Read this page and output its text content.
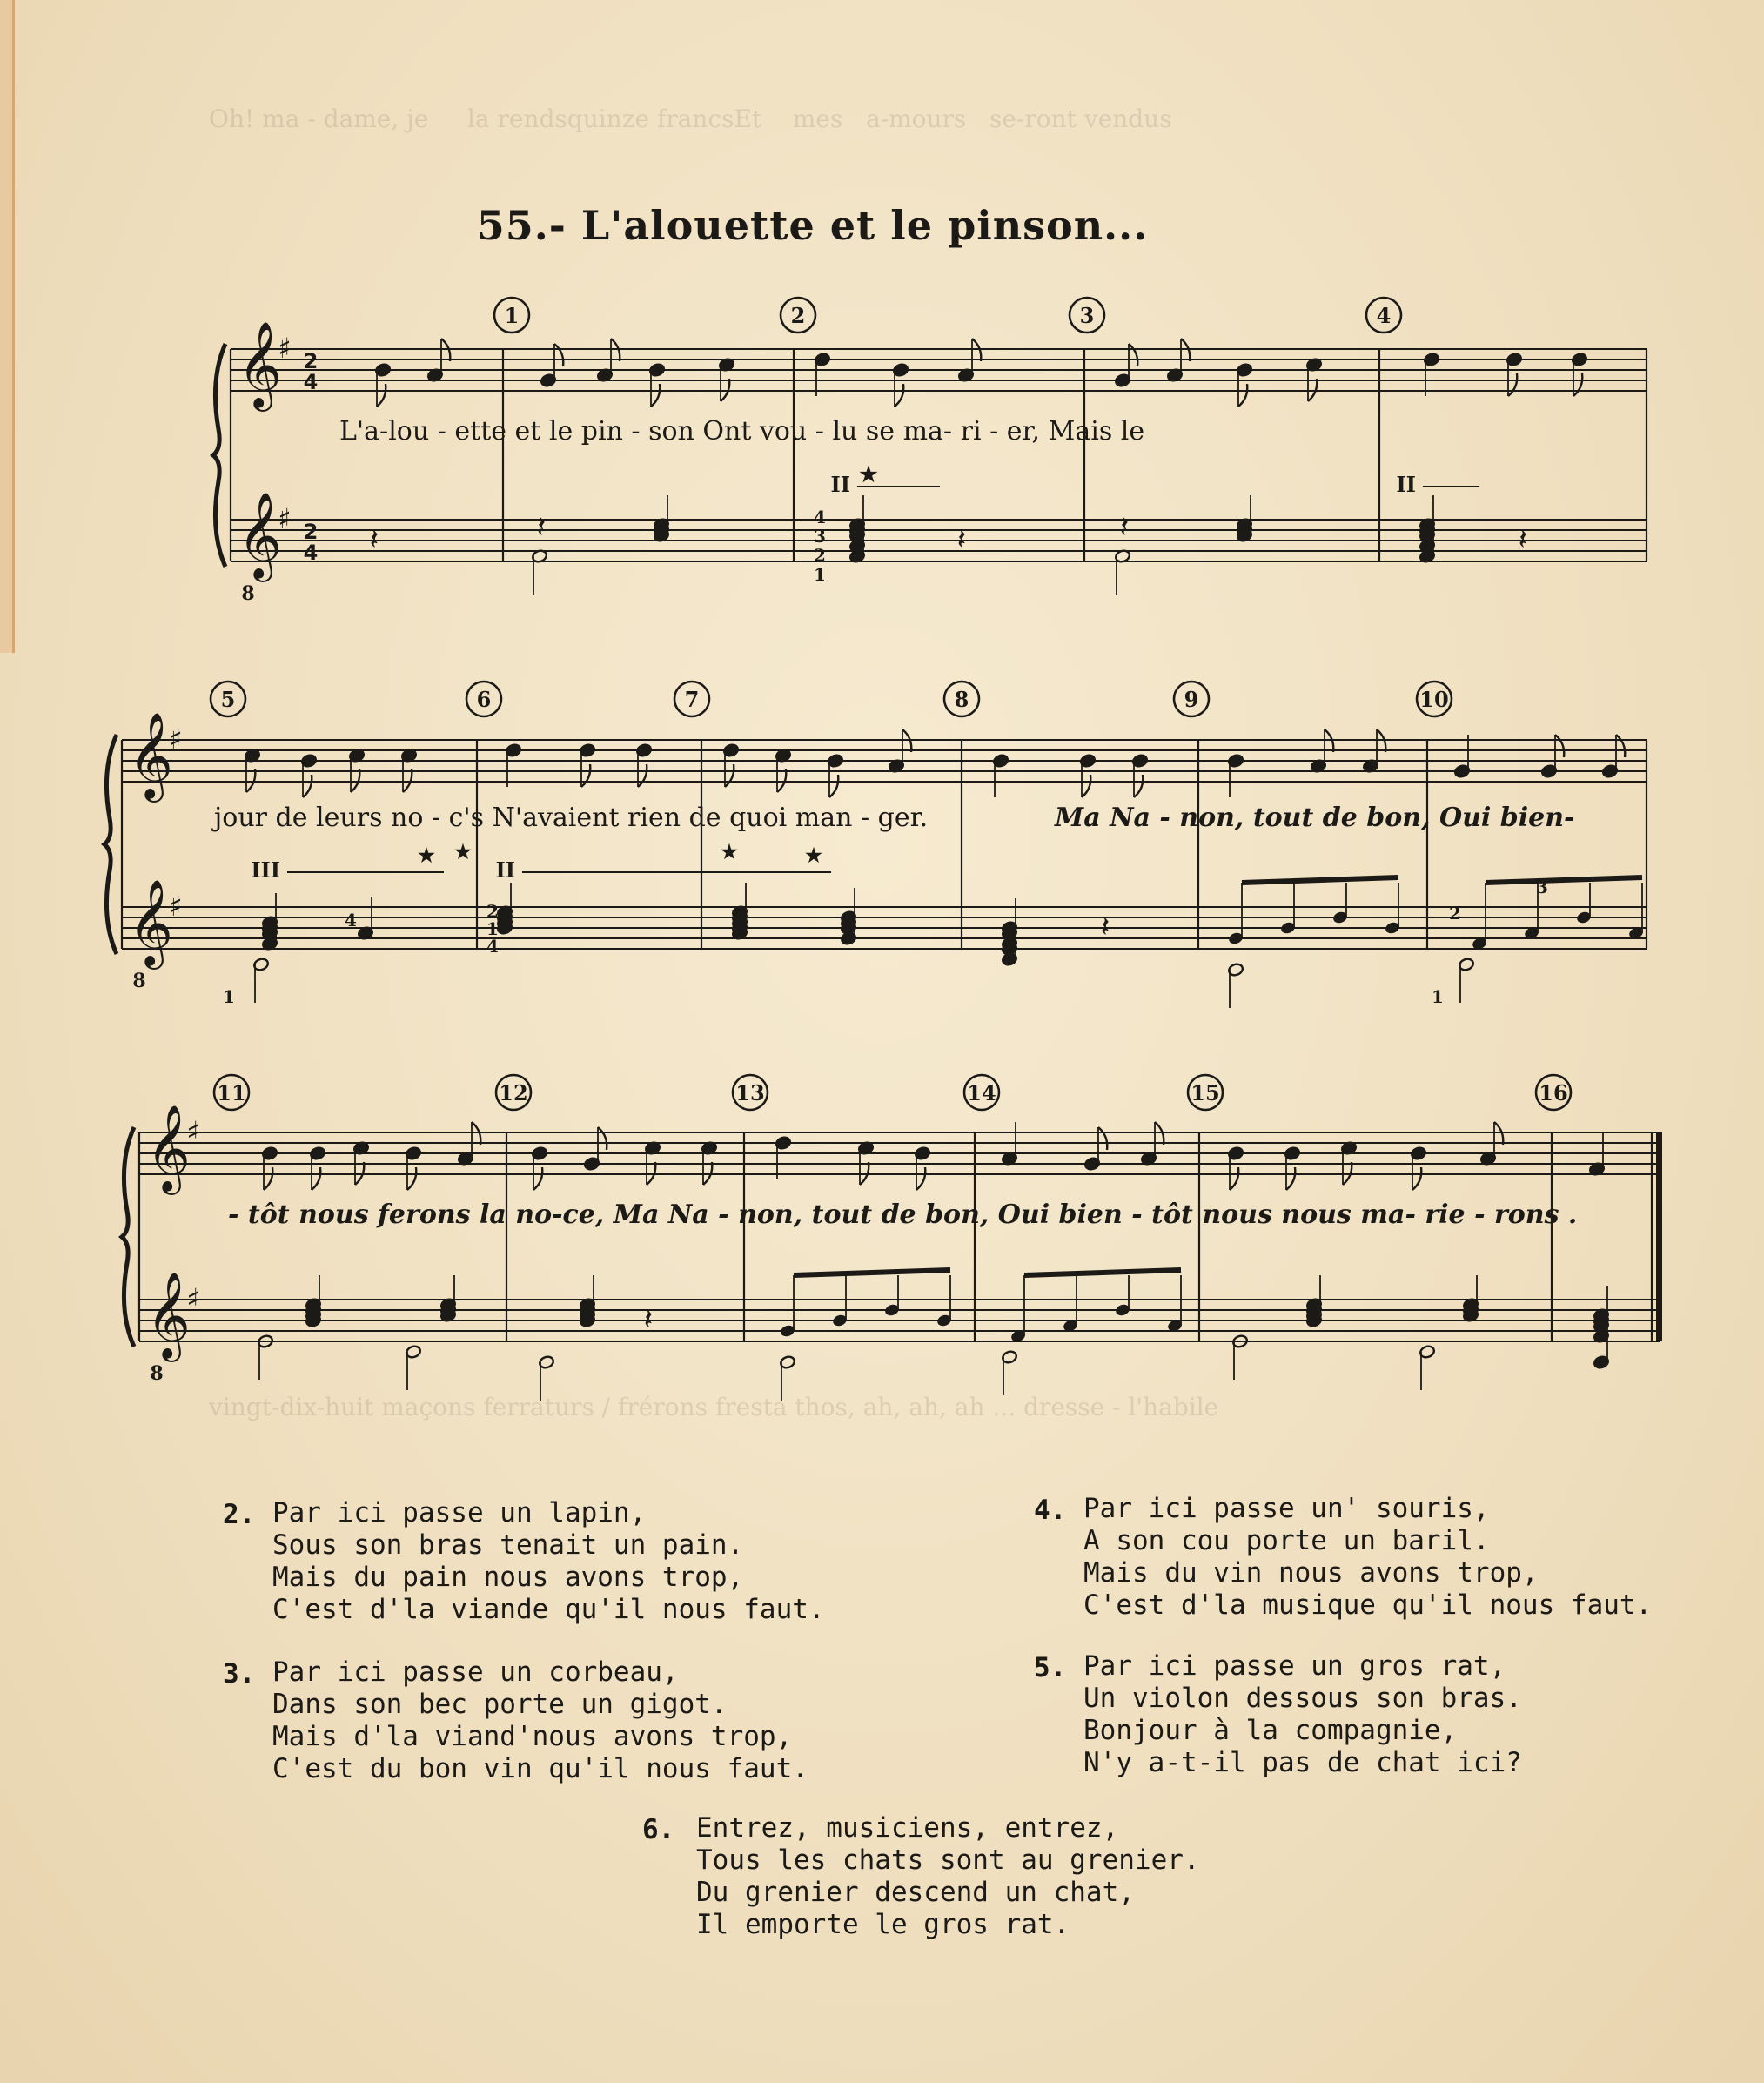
Oh! ma - dame, je     la rendsquinze francsEt    mes   a-mours   se-ront vendus
vingt-dix-huit maçons ferraturs / frérons fresta thos, ah, ah, ah ... dresse - l'habile
55.‐ L'alouette et le pinson...
𝄞
𝄞
8
♯
♯
2
4
2
4
1	2	3	4
𝄽	𝄽	𝄽	𝄽	𝄽
II ★	II
4
3
2
1
𝄞
𝄞
8
♯
♯
5	6	7	8	9	10
𝄽
III
★ ★
II
★
★
4
1
2
1
4
2
3
1
𝄞
𝄞
8
♯
♯
11	12	13	14	15	16
𝄽
L'a‐lou ‐ ette et le pin ‐ son Ont vou ‐ lu se ma‐ ri ‐ er, Mais le
jour de leurs no ‐ c's N'avaient rien de quoi man ‐ ger.	Ma Na ‐ non, tout de bon, Oui bien‐
‐ tôt nous ferons la no‐ce, Ma Na ‐ non, tout de bon, Oui bien ‐ tôt nous nous ma‐ rie ‐ rons .
2. Par ici passe un lapin,
Sous son bras tenait un pain.
Mais du pain nous avons trop,
C'est d'la viande qu'il nous faut.
3. Par ici passe un corbeau,
Dans son bec porte un gigot.
Mais d'la viand'nous avons trop,
C'est du bon vin qu'il nous faut.
4. Par ici passe un' souris,
A son cou porte un baril.
Mais du vin nous avons trop,
C'est d'la musique qu'il nous faut.
5. Par ici passe un gros rat,
Un violon dessous son bras.
Bonjour à la compagnie,
N'y a-t-il pas de chat ici?
6. Entrez, musiciens, entrez,
Tous les chats sont au grenier.
Du grenier descend un chat,
Il emporte le gros rat.
